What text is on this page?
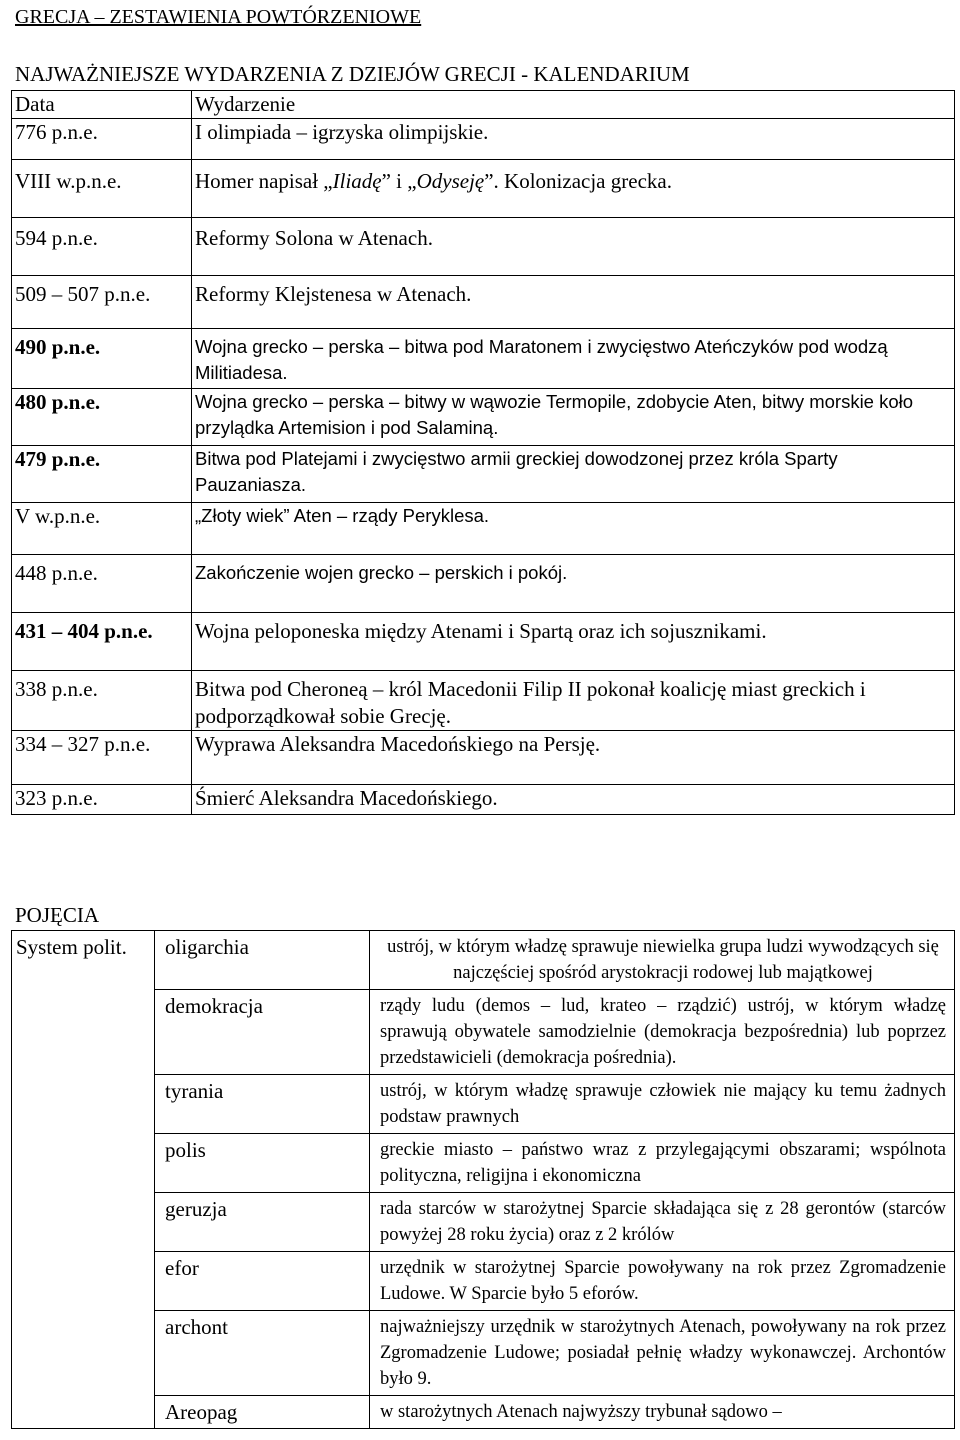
GRECJA – ZESTAWIENIA POWTÓRZENIOWE
NAJWAŻNIEJSZE WYDARZENIA Z DZIEJÓW GRECJI - KALENDARIUM
Data	Wydarzenie
776 p.n.e.	I olimpiada – igrzyska olimpijskie.
VIII w.p.n.e.	Homer napisał „Iliadę” i „Odyseję”. Kolonizacja grecka.
594 p.n.e.	Reformy Solona w Atenach.
509 – 507 p.n.e.	Reformy Klejstenesa w Atenach.
490 p.n.e.	Wojna grecko – perska – bitwa pod Maratonem i zwycięstwo Ateńczyków pod wodzą Militiadesa.
480 p.n.e.	Wojna grecko – perska – bitwy w wąwozie Termopile, zdobycie Aten, bitwy morskie koło przylądka Artemision i pod Salaminą.
479 p.n.e.	Bitwa pod Platejami i zwycięstwo armii greckiej dowodzonej przez króla Sparty Pauzaniasza.
V w.p.n.e.	„Złoty wiek” Aten – rządy Peryklesa.
448 p.n.e.	Zakończenie wojen grecko – perskich i pokój.
431 – 404 p.n.e.	Wojna peloponeska między Atenami i Spartą oraz ich sojusznikami.
338 p.n.e.	Bitwa pod Cheroneą – król Macedonii Filip II pokonał koalicję miast greckich i podporządkował sobie Grecję.
334 – 327 p.n.e.	Wyprawa Aleksandra Macedońskiego na Persję.
323 p.n.e.	Śmierć Aleksandra Macedońskiego.
POJĘCIA
System polit.	oligarchia	ustrój, w którym władzę sprawuje niewielka grupa ludzi wywodzących się najczęściej spośród arystokracji rodowej lub majątkowej
	demokracja	rządy ludu (demos – lud, krateo – rządzić) ustrój, w którym władzę sprawują obywatele samodzielnie (demokracja bezpośrednia) lub poprzez przedstawicieli (demokracja pośrednia).
	tyrania	ustrój, w którym władzę sprawuje człowiek nie mający ku temu żadnych podstaw prawnych
	polis	greckie miasto – państwo wraz z przylegającymi obszarami; wspólnota polityczna, religijna i ekonomiczna
	geruzja	rada starców w starożytnej Sparcie składająca się z 28 gerontów (starców powyżej 28 roku życia) oraz z 2 królów
	efor	urzędnik w starożytnej Sparcie powoływany na rok przez Zgromadzenie Ludowe. W Sparcie było 5 eforów.
	archont	najważniejszy urzędnik w starożytnych Atenach, powoływany na rok przez Zgromadzenie Ludowe; posiadał pełnię władzy wykonawczej. Archontów było 9.
	Areopag	w starożytnych Atenach najwyższy trybunał sądowo –
